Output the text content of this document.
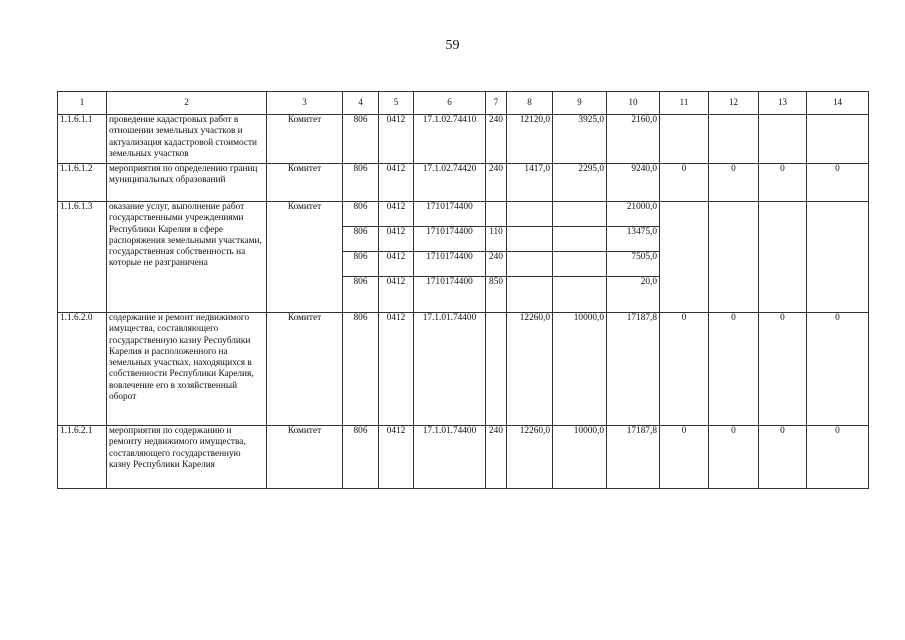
59
1	2	3	4	5	6	7	8	9	10	11	12	13	14
1.1.6.1.1	проведение кадастровых работ в отношении земельных участков и актуализация кадастровой стоимости земельных участков	Комитет	806	0412	17.1.02.74410	240	12120,0	3925,0	2160,0				
1.1.6.1.2	мероприятия по определению границ муниципальных образований	Комитет	806	0412	17.1.02.74420	240	1417,0	2295,0	9240,0	0	0	0	0
1.1.6.1.3	оказание услуг, выполнение работ государственными учреждениями Республики Карелия в сфере распоряжения земельными участками, государственная собственность на которые не разграничена	Комитет	806	0412	1710174400				21000,0				
			806	0412	1710174400	110			13475,0				
			806	0412	1710174400	240			7505,0				
			806	0412	1710174400	850			20,0				
1.1.6.2.0	содержание и ремонт недвижимого имущества, составляющего государственную казну Республики Карелия и расположенного на земельных участках, находящихся в собственности Республики Карелия, вовлечение его в хозяйственный оборот	Комитет	806	0412	17.1.01.74400		12260,0	10000,0	17187,8	0	0	0	0
1.1.6.2.1	мероприятия по содержанию и ремонту недвижимого имущества, составляющего государственную казну Республики Карелия	Комитет	806	0412	17.1.01.74400	240	12260,0	10000,0	17187,8	0	0	0	0
